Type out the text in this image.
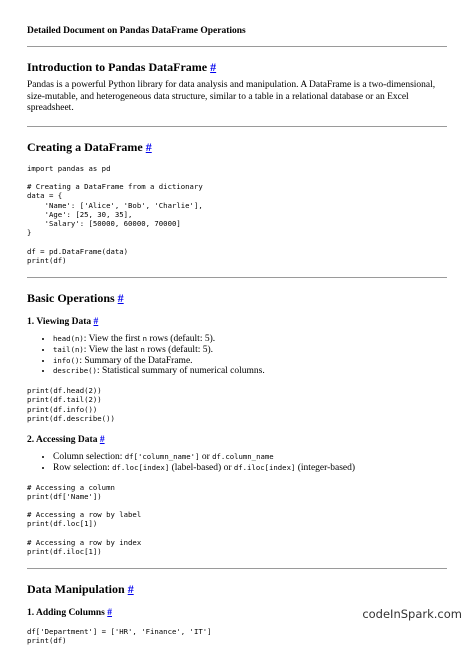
Detailed Document on Pandas DataFrame Operations
Introduction to Pandas DataFrame #

Pandas is a powerful Python library for data analysis and manipulation. A DataFrame is a two-dimensional, size-mutable, and heterogeneous data structure, similar to a table in a relational database or an Excel spreadsheet.

Creating a DataFrame #
import pandas as pd

# Creating a DataFrame from a dictionary
data = {
'Name': ['Alice', 'Bob', 'Charlie'],
'Age': [25, 30, 35],
'Salary': [50000, 60000, 70000]
}

df = pd.DataFrame(data)
print(df)
Basic Operations #
1. Viewing Data #
• head(n): View the first n rows (default: 5).
• tail(n): View the last n rows (default: 5).
• info(): Summary of the DataFrame.
• describe(): Statistical summary of numerical columns.
print(df.head(2))
print(df.tail(2))
print(df.info())
print(df.describe())
2. Accessing Data #
• Column selection: df['column_name'] or df.column_name
• Row selection: df.loc[index] (label-based) or df.iloc[index] (integer-based)
# Accessing a column
print(df['Name'])

# Accessing a row by label
print(df.loc[1])

# Accessing a row by index
print(df.iloc[1])
Data Manipulation #
1. Adding Columns #
df['Department'] = ['HR', 'Finance', 'IT']
print(df)
codeInSpark.com
